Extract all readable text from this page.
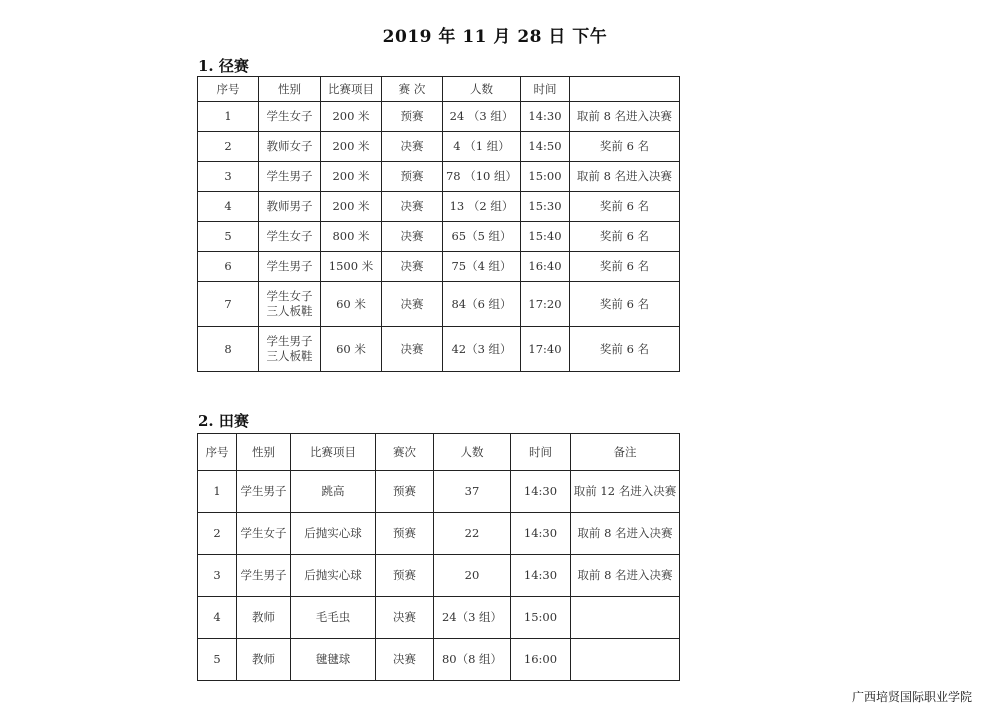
2019 年 11 月 28 日 下午
1. 径赛
序号	性别	比赛项目	赛 次	人数	时间	
1	学生女子	200 米	预赛	24 （3 组）	14:30	取前 8 名进入决赛
2	教师女子	200 米	决赛	4 （1 组）	14:50	奖前 6 名
3	学生男子	200 米	预赛	78 （10 组）	15:00	取前 8 名进入决赛
4	教师男子	200 米	决赛	13 （2 组）	15:30	奖前 6 名
5	学生女子	800 米	决赛	65（5 组）	15:40	奖前 6 名
6	学生男子	1500 米	决赛	75（4 组）	16:40	奖前 6 名
7	学生女子 三人板鞋	60 米	决赛	84（6 组）	17:20	奖前 6 名
8	学生男子 三人板鞋	60 米	决赛	42（3 组）	17:40	奖前 6 名
2. 田赛
序号	性别	比赛项目	赛次	人数	时间	备注
1	学生男子	跳高	预赛	37	14:30	取前 12 名进入决赛
2	学生女子	后抛实心球	预赛	22	14:30	取前 8 名进入决赛
3	学生男子	后抛实心球	预赛	20	14:30	取前 8 名进入决赛
4	教师	毛毛虫	决赛	24（3 组）	15:00	
5	教师	毽毽球	决赛	80（8 组）	16:00	
广西培贤国际职业学院
